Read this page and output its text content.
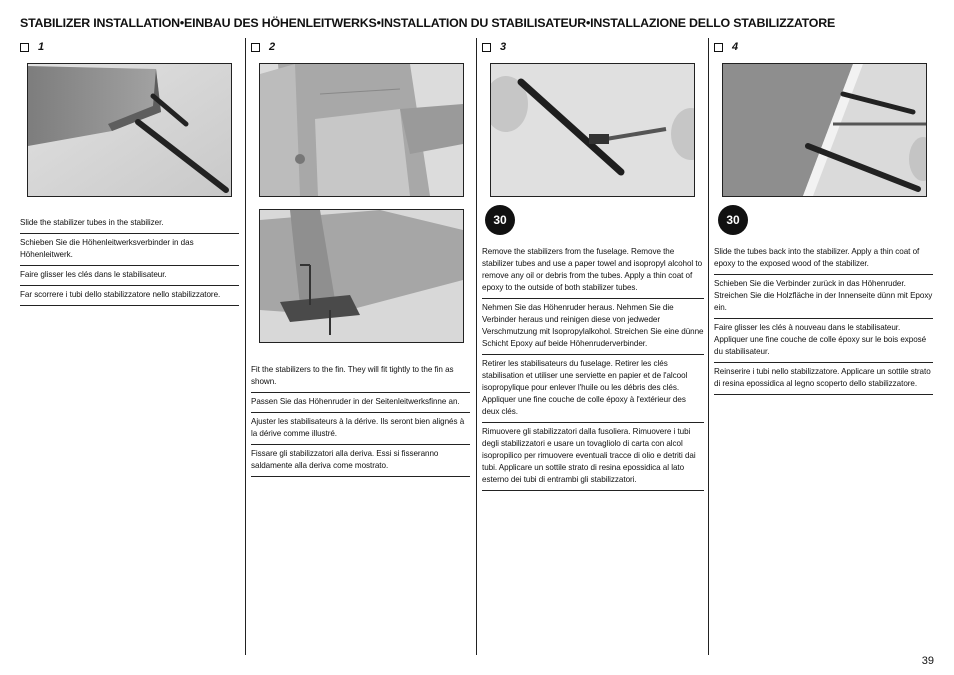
STABILIZER INSTALLATION•EINBAU DES HÖHENLEITWERKS•INSTALLATION DU STABILISATEUR•INSTALLAZIONE DELLO STABILIZZATORE
1
Slide the stabilizer tubes in the stabilizer.
Schieben Sie die Höhenleitwerksverbinder in das Höhenleitwerk.
Faire glisser les clés dans le stabilisateur.
Far scorrere i tubi dello stabilizzatore nello stabilizzatore.
2
Fit the stabilizers to the fin. They will fit tightly to the fin as shown.
Passen Sie das Höhenruder in der Seitenleitwerksfinne an.
Ajuster les stabilisateurs à la dérive. Ils seront bien alignés à la dérive comme illustré.
Fissare gli stabilizzatori alla deriva. Essi si fisseranno saldamente alla deriva come mostrato.
3
30
Remove the stabilizers from the fuselage. Remove the stabilizer tubes and use a paper towel and isopropyl alcohol to remove any oil or debris from the tubes. Apply a thin coat of epoxy to the outside of both stabilizer tubes.
Nehmen Sie das Höhenruder heraus. Nehmen Sie die Verbinder heraus und reinigen diese von jedweder Verschmutzung mit Isopropylalkohol. Streichen Sie eine dünne Schicht Epoxy auf beide Höhenruderverbinder.
Retirer les stabilisateurs du fuselage. Retirer les clés stabilisation et utiliser une serviette en papier et de l'alcool isopropylique pour enlever l'huile ou les débris des clés. Appliquer une fine couche de colle époxy à l'extérieur des deux clés.
Rimuovere gli stabilizzatori dalla fusoliera. Rimuovere i tubi degli stabilizzatori e usare un tovagliolo di carta con alcol isopropilico per rimuovere eventuali tracce di olio e detriti dai tubi. Applicare un sottile strato di resina epossidica al lato esterno dei tubi di entrambi gli stabilizzatori.
4
30
Slide the tubes back into the stabilizer. Apply a thin coat of epoxy to the exposed wood of the stabilizer.
Schieben Sie die Verbinder zurück in das Höhenruder. Streichen Sie die Holzfläche in der Innenseite dünn mit Epoxy ein.
Faire glisser les clés à nouveau dans le stabilisateur. Appliquer une fine couche de colle époxy sur le bois exposé du stabilisateur.
Reinserire i tubi nello stabilizzatore. Applicare un sottile strato di resina epossidica al legno scoperto dello stabilizzatore.
39
